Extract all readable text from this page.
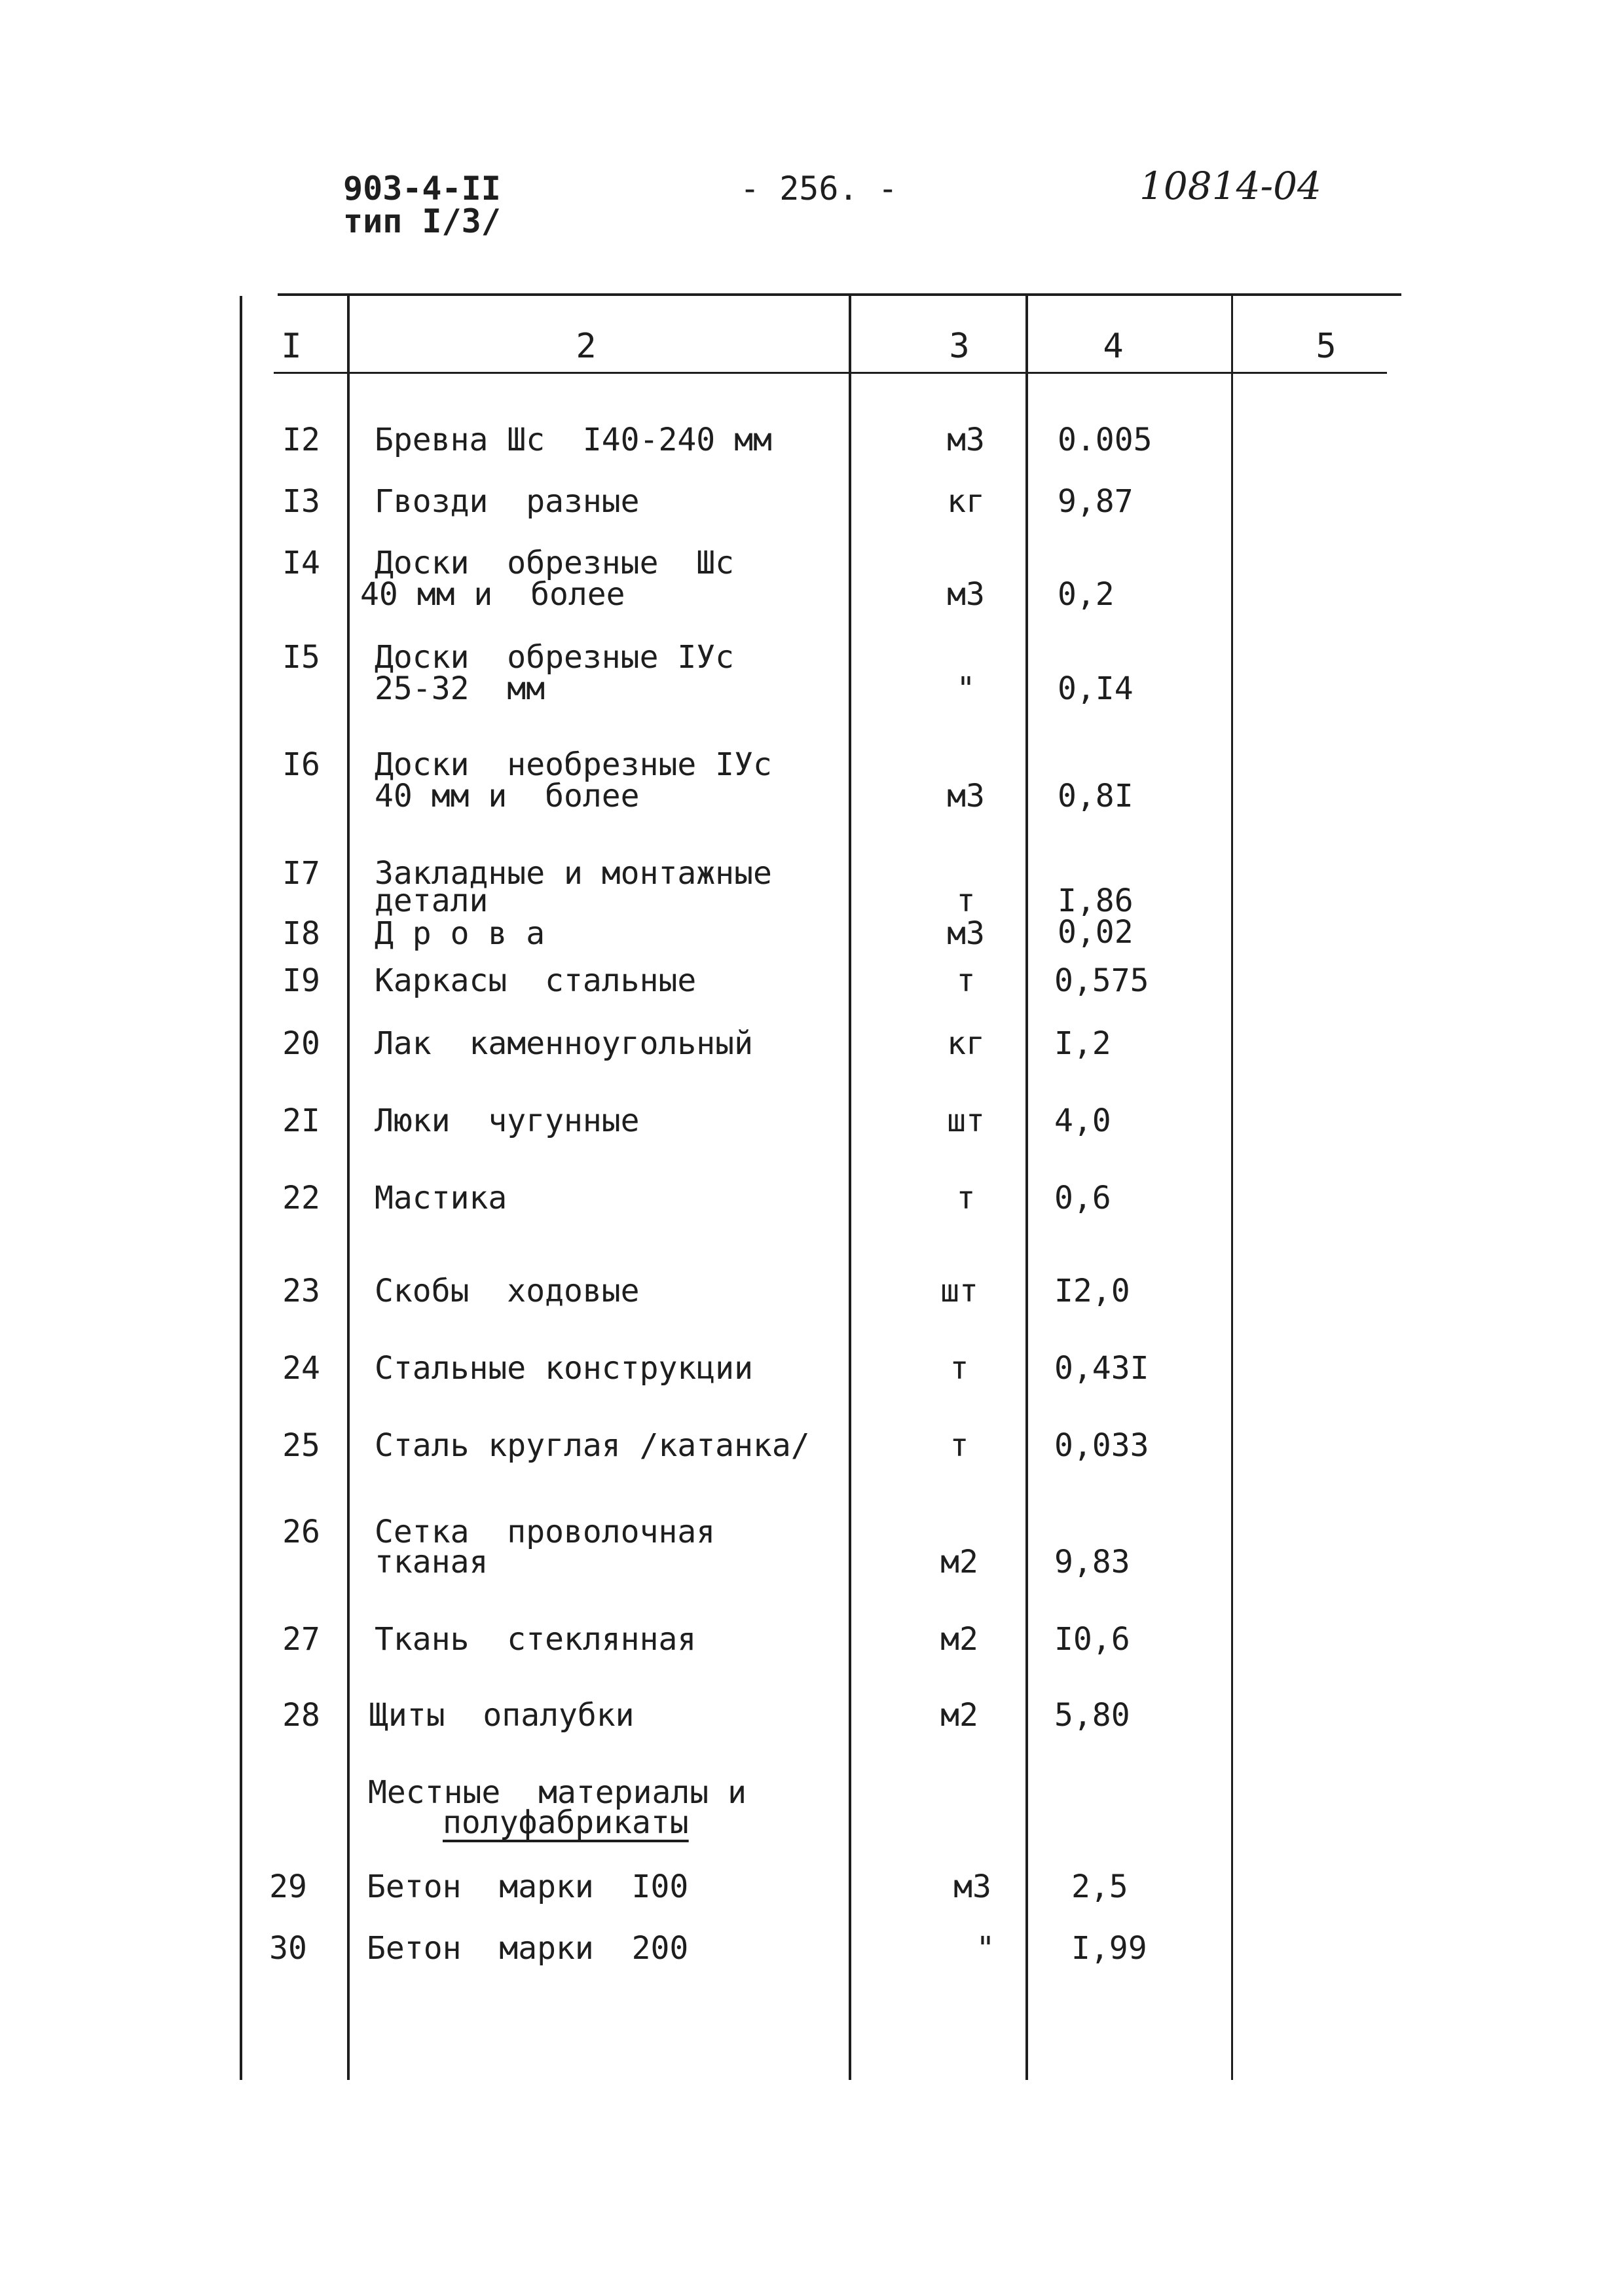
903-4-II
тип I/3/
- 256. -	10814-04
I	2	3	4	5
I2	Бревна Шс  I40-240 мм	м3	0.005
I3	Гвозди  разные	кг	9,87
I4	Доски  обрезные  Шс
40 мм и  более	м3	0,2
I5	Доски  обрезные IУс
25-32  мм	"	0,I4
I6	Доски  необрезные IУс
40 мм и  более	м3	0,8I
I7	Закладные и монтажные
детали	т	I,86
I8	Д р о в а	м3	0,02
I9	Каркасы  стальные	т	0,575
20	Лак  каменноугольный	кг	I,2
2I	Люки  чугунные	шт	4,0
22	Мастика	т	0,6
23	Скобы  ходовые	шт	I2,0
24	Стальные конструкции	т	0,43I
25	Сталь круглая /катанка/	т	0,033
26	Сетка  проволочная
тканая	м2	9,83
27	Ткань  стеклянная	м2	I0,6
28	Щиты  опалубки	м2	5,80
Местные  материалы и
полуфабрикаты
29	Бетон  марки  I00	м3	2,5
30	Бетон  марки  200	"	I,99
